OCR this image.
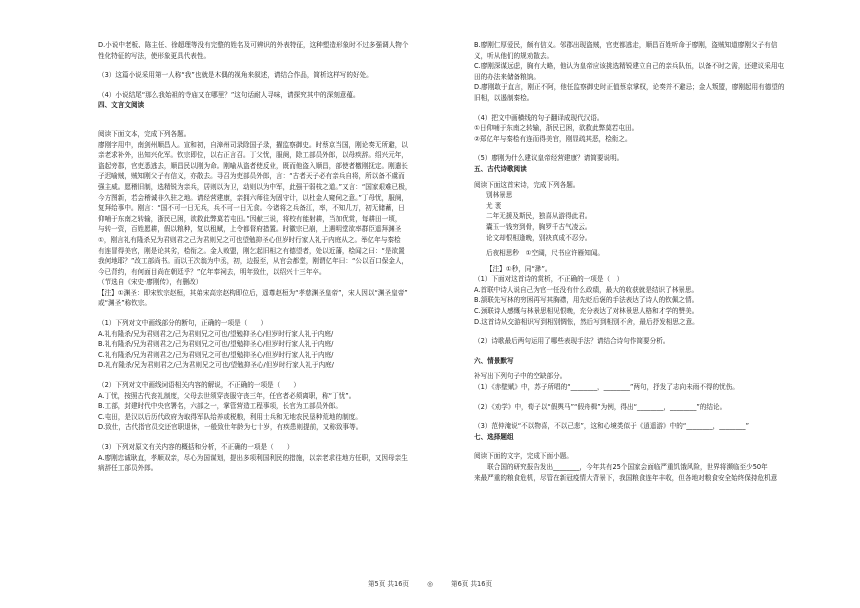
D.小说中老板、陈主任、徐超理等没有完整的姓名及可辨识的外表特征，这种塑造形象时不过多强调人物个
性化特征的写法，使形象更具代表性。
（3）这篇小说采用第一人称“我”也就是木偶的视角来叙述，请结合作品，简析这样写的好处。
（4）小说结尾“那么我始祖的寺庙又在哪里？”这句话耐人寻味，请探究其中的深刻意蕴。
四、文言文阅读
阅读下面文本，完成下列各题。
廖刚字用中，南剑州顺昌人。宣和初，自漳州司录除国子录，擢监察御史。时蔡京当国，刚论奏无所避，以
亲老求补外，出知兴化军。钦宗即位，以右正言召。丁父忧，服阕，除工部员外郎，以母疾辞。绍兴元年，
盗起旁郡，官吏悉逃去，顺昌民以刚为命。刚喻从盗者使反业，既而他盗入顺昌，部使者檄刚抚定。刚遣长
子迟喻贼，贼知刚父子有信义，亦散去。寻召为吏部员外郎，言：“古者天子必有亲兵自将，所以备不虞而
强主威。愿稽旧制，选精锐为亲兵，居则以为卫，动则以为中军，此强干弱枝之道。”又言：“国家艰难已极，
今方图新，若会稽诚非久驻之地。请经营建康，亲拥六师往为固守计，以杜金人窥伺之意。”丁母忧，服阕，
复拜给事中。刚言：“国不可一日无兵，兵不可一日无食。今诸将之兵备江，率，不知几万，初无储蓄，日
仰哺于东南之转输，浙民已困，欲救此弊莫若屯田。”因献三说，将校有能射耕，当加优赏，每耕田一顷，
与转一资，百姓愿耕，假以粮种，复以租赋，上令都督府措置。时徽宗已崩，上遇明堂欲率群臣遥拜渊圣
①，刚言礼有隆杀兄为君则君之己为君则兄之可也望勉抑圣心但岁时行家人礼于内庭从之。举亿年与秦桧
有连冒得美官，刚是论其劣，桧衔之。金人败盟，刚乞起旧相之有德望者，处以近藩，桧闻之曰：“是欲置
我何地耶？”改工部尚书。而以王次翁为中丞，初，边报至，从官会都堂，刚谓亿年曰：“公以百口保金人，
今已背约，有何面目尚在朝廷乎？”亿年奉祠去，明年致仕，以绍兴十三年卒。
（节选自《宋史·廖刚传》，有删改）
【注】①渊圣：即宋钦宗赵桓，其弟宋高宗赵构即位后，遥尊赵桓为“孝慈渊圣皇帝”，宋人因以“渊圣皇帝”
或“渊圣”称钦宗。
（1）下列对文中画线部分的断句，正确的一项是（　　）
A.礼有隆杀/兄为君则君之/己为君则兄之可也/望勉抑圣心/但岁时行家人礼于内庭/
B.礼有隆杀/兄为君则君之/己为君则兄之可也/望勉抑圣心/但岁时行家人礼于内庭/
C.礼有隆杀/兄为君则君之/己为君则兄之可也/望勉抑圣心/但岁时行家人礼于内庭/
D.礼有隆杀/兄为君则君之/己为君则兄之可也/望勉抑圣心/但岁时行家人礼于内庭/
（2）下列对文中画线词语相关内容的解说，不正确的一项是（　　）
A.丁忧，按照古代丧礼制度，父母去世须穿丧服守丧三年，任官者必须离职，称“丁忧”。
B.工部，封建时代中央官署名，六部之一，掌管营造工程事项，长官为工部员外郎。
C.屯田，是汉以后历代政府为取得军队给养或税粮，利用士兵和无地农民垦种荒地的制度。
D.致仕，古代指官员交还官职退休，一般致仕年龄为七十岁，有疾患则提前，又称致事等。
（3）下列对原文有关内容的概括和分析，不正确的一项是（　　）
A.廖刚忠诚耿直，孝顺双亲，尽心为国谋划，提出多项利国利民的措施，以亲老求往地方任职，又因母亲生
病辞任工部员外郎。
B.廖刚仁厚爱民，颇有信义。邻郡出现盗贼，官吏都逃走，顺昌百姓听命于廖刚，盗贼知道廖刚父子有信
义，听从他们的规劝散去。
C.廖刚深谋远虑，胸有大略，他认为皇帝应该挑选精锐建立自己的亲兵队伍，以备不时之需，还建议采用屯
田的办法来储备粮饷。
D.廖刚敢于直言，刚正不阿，他任监察御史时正值蔡京掌权，论奏并不避忌；金人叛盟，廖刚起用有德望的
旧相，以遏制秦桧。
（4）把文中画横线的句子翻译成现代汉语。
①日仰哺于东南之转输，浙民已困，欲救此弊莫若屯田。
②郑亿年与秦桧有连而得美官，刚显疏其恶，桧衔之。
（5）廖刚为什么建议皇帝经营建康？请简要说明。
五、古代诗歌阅读
阅读下面这首宋诗，完成下列各题。
别林景思
尤 袤
二年无援及斯民，独喜从游得此君。
囊玉一钱穷到骨，胸罗千古气凌云。
论文却恨相逢晚，别袂真成不忍分。
后夜相思秒　①空阔，尺书应许雁知闻。
【注】①秒，同“渺”。
（1）下面对这首诗的赏析，不正确的一项是（　）
A.首联中诗人说自己为官一任没有什么政绩，最大的收获就是结识了林景思。
B.颔联先写林的穷困再写其胸襟，用先贬后褒的手法表达了诗人的钦佩之情。
C.颈联诗人感慨与林景思相见恨晚，充分表达了对林景思人格和才学的赞美。
D.这首诗从交游相识写到相别惆怅，然后写到相别不舍，最后抒发相思之意。
（2）诗歌最后两句运用了哪些表现手法？请结合诗句作简要分析。
六、情景默写
补写出下列句子中的空缺部分。
（1）《赤壁赋》中，苏子所唱的“________，________”两句，抒发了志向未雨不得的忧伤。
（2）《劝学》中，荀子以“假舆马”“假舟楫”为例，得出“________，________”的结论。
（3）范仲淹说“不以物喜，不以己悲”，这和心境类似于《逍遥游》中的“________，________”
七、选择题组
阅读下面的文字，完成下面小题。
　　联合国的研究报告发出________，今年共有25个国家会面临严重饥饿风险，世界将濒临至少50年
来最严重的粮食危机，尽管在新冠疫情大背景下，我国粮食连年丰收，但各地对粮食安全始终保持危机意
第5页 共16页	◎	第6页 共16页
